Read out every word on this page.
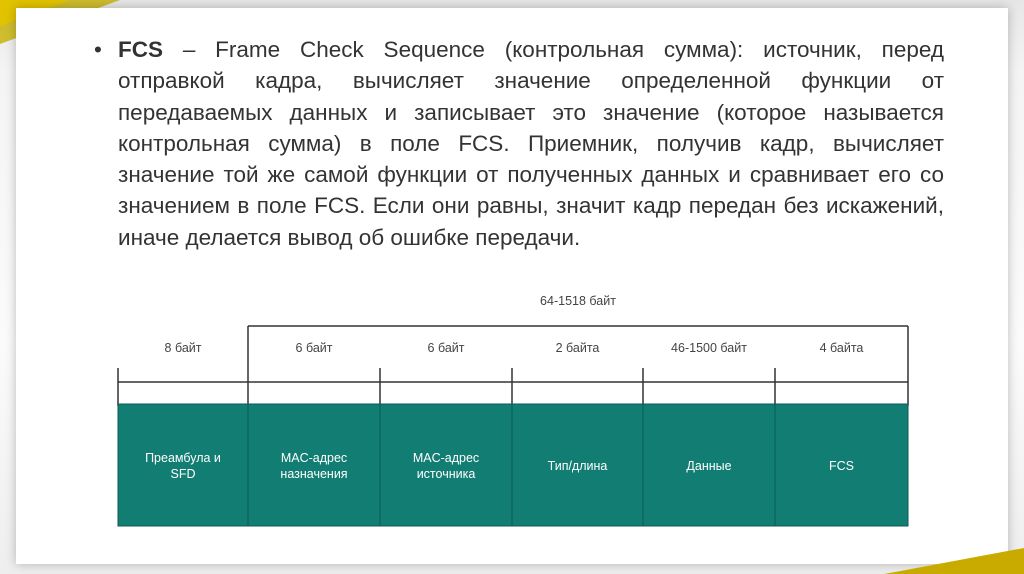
• FCS – Frame Check Sequence (контрольная сумма): источник, перед отправкой кадра, вычисляет значение определенной функции от передаваемых данных и записывает это значение (которое называется контрольная сумма) в поле FCS. Приемник, получив кадр, вычисляет значение той же самой функции от полученных данных и сравнивает его со значением в поле FCS. Если они равны, значит кадр передан без искажений, иначе делается вывод об ошибке передачи.
64-1518 байт
8 байт
Преамбула и
SFD
6 байт
MAC-адрес
назначения
6 байт
MAC-адрес
источника
2 байта
Тип/длина
46-1500 байт
Данные
4 байта
FCS
